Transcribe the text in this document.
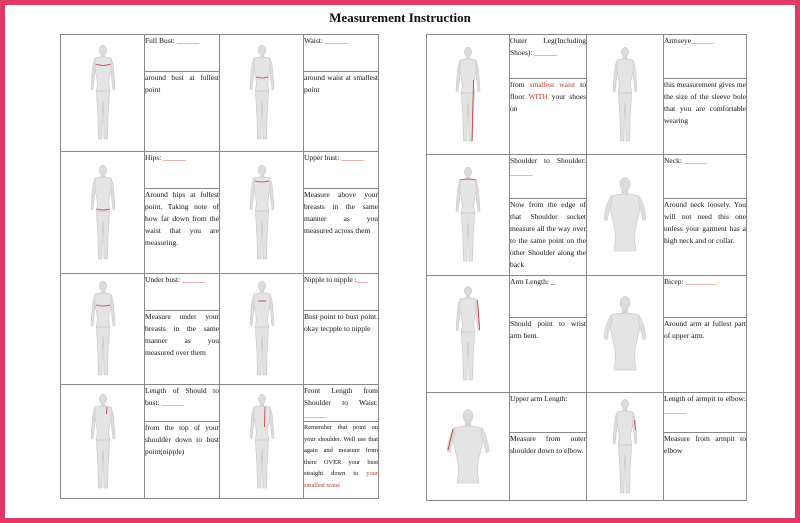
Measurement Instruction
	Full Bust: ______		Waist: ______
	around bust at fullest point		around waist at smallest point

	Hips: ______		Upper bust: ______
	Around hips at fullest point. Taking note of how far down from the waist that you are measuring.		Measure above your breasts in the same manner as you measured across them

	Under bust: ______		Nipple to nipple :___
	Measure under your breasts in the same manner as you measured over them		Bust point to bust point. okay tecpple to nipple

	Length of Should to bust: ______		Front Length from Shoulder to Waist: ______
	from the top of your shoulder down to bust point(nipple)		Remember that point on your shoulder. Well use that again and measure from there OVER your bust straight down to your smallest waist
	Outer Leg(Including Shoes): ______		Armseye______
	from smallest waist to floor WITH your shoes on		this measurement gives me the size of the sleeve bole that you are comfortable wearing

	Shoulder to Shoulder: ______		Neck: ______
	Now from the edge of that Shoulder socket measure all the way over to the same point on the other Shoulder along the back		Around neck loosely. You will not need this one unless your garment has a high neck and or collar.

	Arm Length: _		Bicep: ________
	Should point to wrist arm bent.		Around arm at fullest part of upper arm.

	Upper arm Length:		Length of armpit to elbow: ______
	Measure from outer shoulder down to elbow.		Measure from armpit to elbow
